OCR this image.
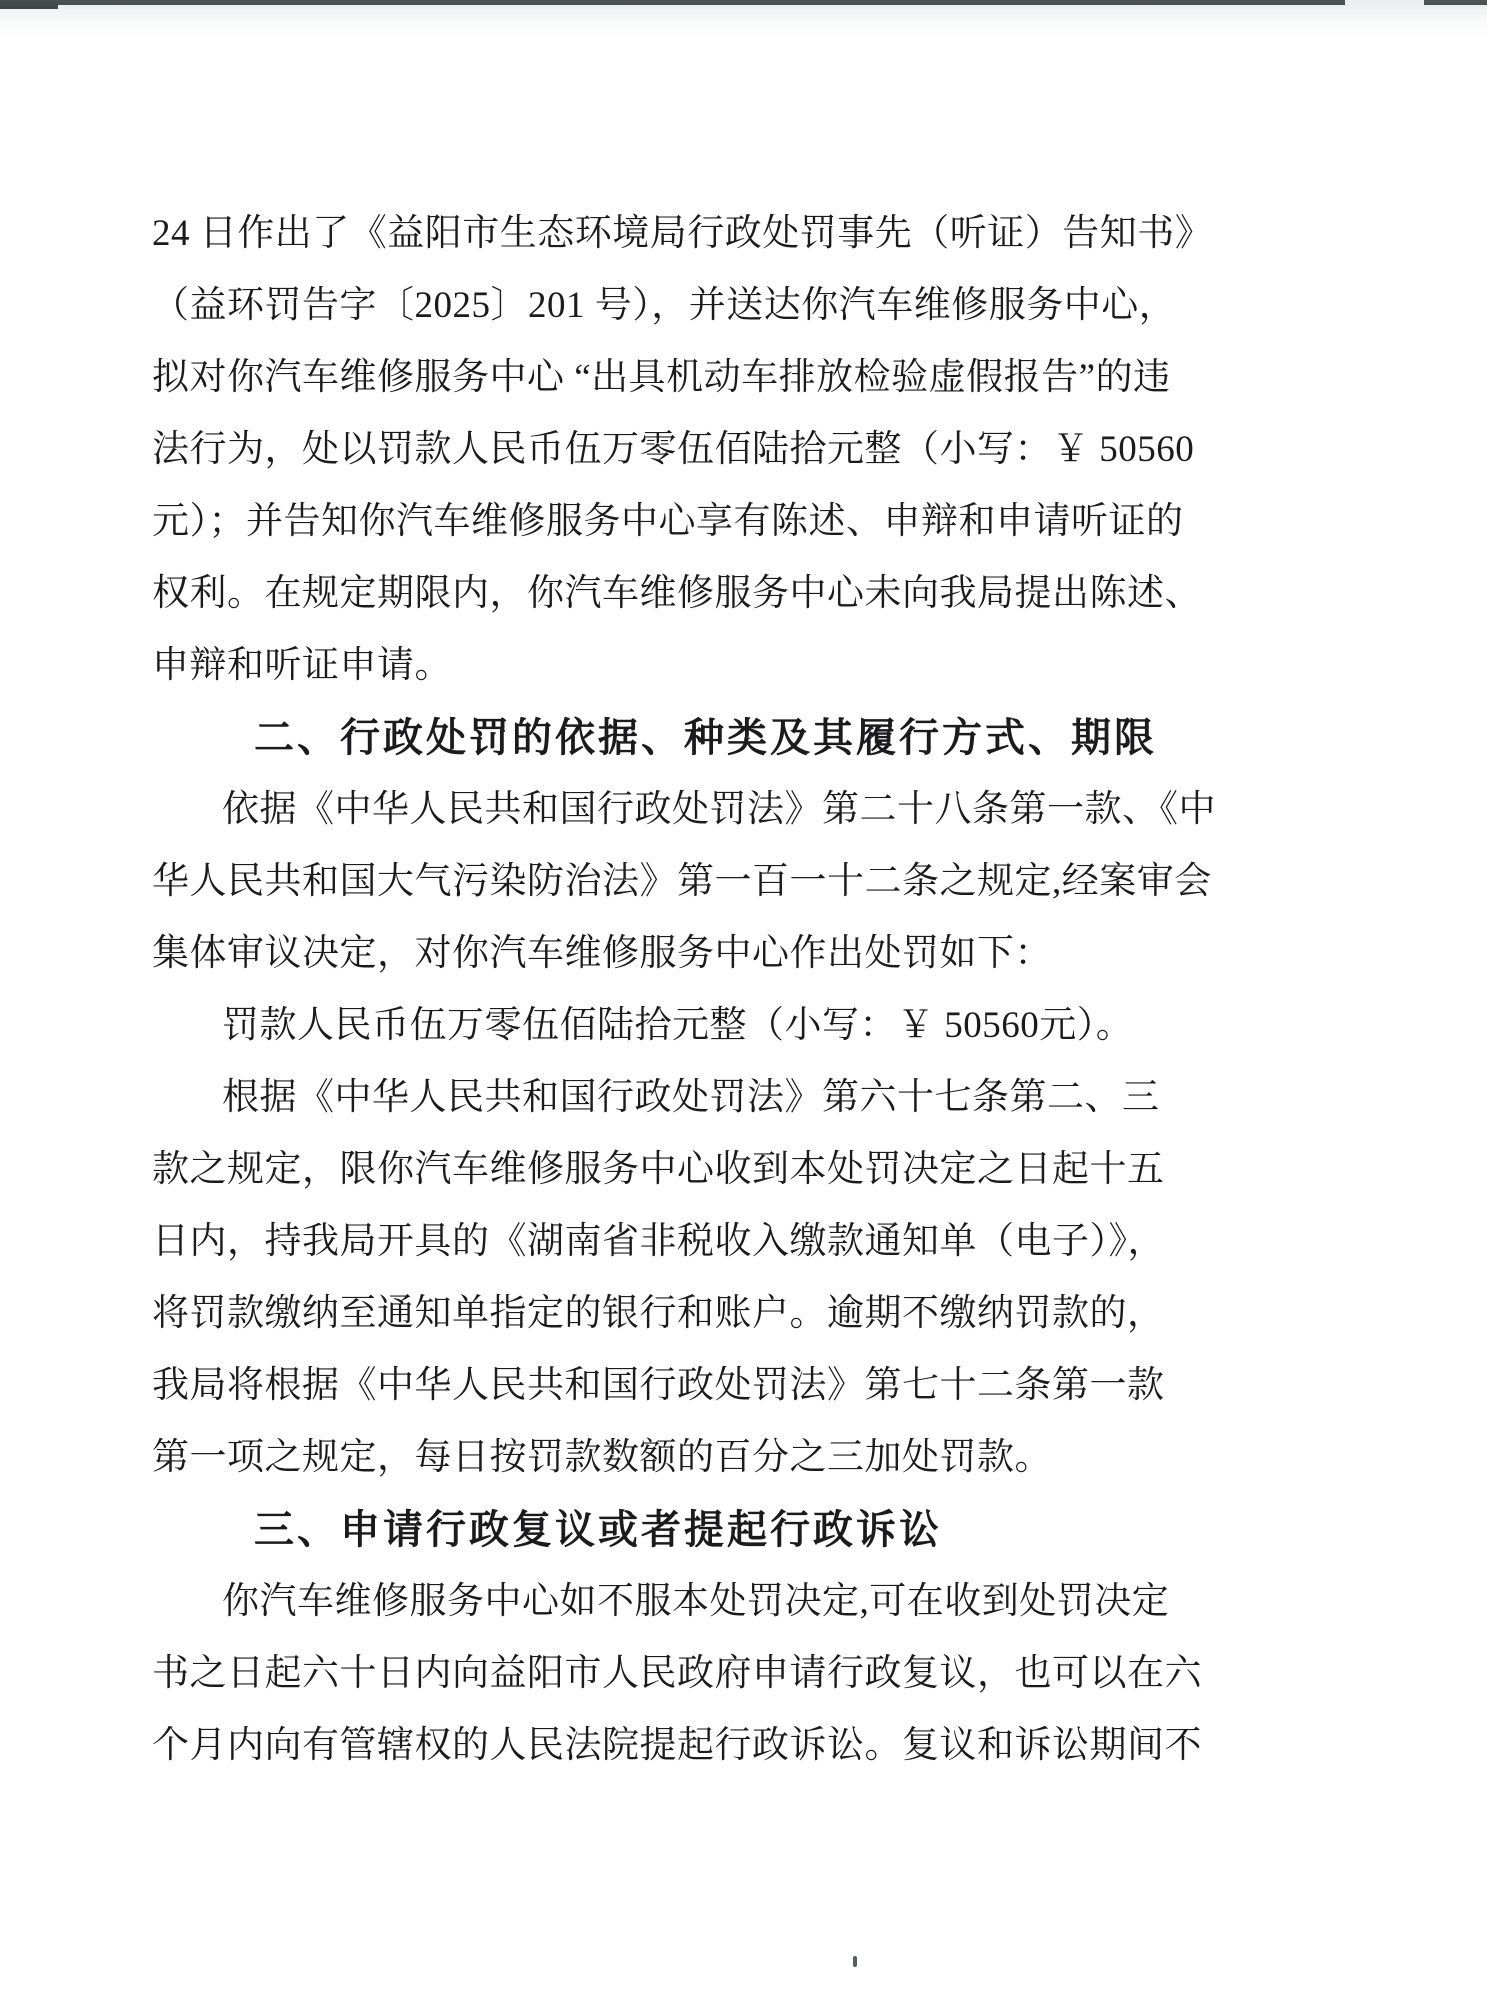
24 日作出了《益阳市生态环境局行政处罚事先（听证）告知书》
（益环罚告字〔2025〕201 号），并送达你汽车维修服务中心，
拟对你汽车维修服务中心 “出具机动车排放检验虚假报告”的违
法行为，处以罚款人民币伍万零伍佰陆拾元整（小写：￥ 50560
元）；并告知你汽车维修服务中心享有陈述、申辩和申请听证的
权利。在规定期限内，你汽车维修服务中心未向我局提出陈述、
申辩和听证申请。
二、行政处罚的依据、种类及其履行方式、期限
依据《中华人民共和国行政处罚法》第二十八条第一款、《中
华人民共和国大气污染防治法》第一百一十二条之规定,经案审会
集体审议决定，对你汽车维修服务中心作出处罚如下：
罚款人民币伍万零伍佰陆拾元整（小写：￥ 50560元）。
根据《中华人民共和国行政处罚法》第六十七条第二、三
款之规定，限你汽车维修服务中心收到本处罚决定之日起十五
日内，持我局开具的《湖南省非税收入缴款通知单（电子）》，
将罚款缴纳至通知单指定的银行和账户。逾期不缴纳罚款的，
我局将根据《中华人民共和国行政处罚法》第七十二条第一款
第一项之规定，每日按罚款数额的百分之三加处罚款。
三、申请行政复议或者提起行政诉讼
你汽车维修服务中心如不服本处罚决定,可在收到处罚决定
书之日起六十日内向益阳市人民政府申请行政复议，也可以在六
个月内向有管辖权的人民法院提起行政诉讼。复议和诉讼期间不
